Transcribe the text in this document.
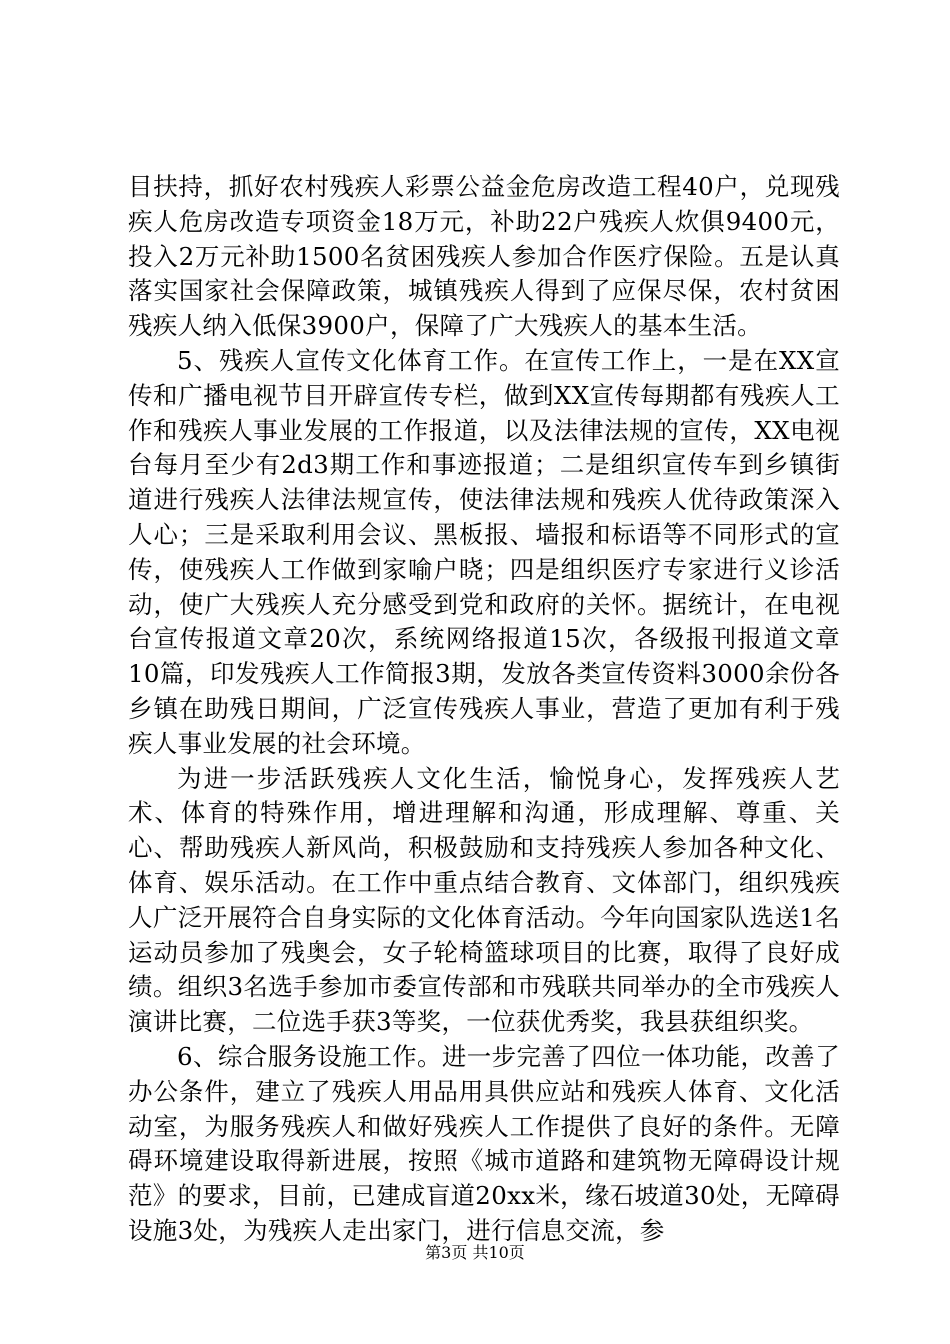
目扶持，抓好农村残疾人彩票公益金危房改造工程40户，兑现残疾人危房改造专项资金18万元，补助22户残疾人炊俱9400元，投入2万元补助1500名贫困残疾人参加合作医疗保险。五是认真落实国家社会保障政策，城镇残疾人得到了应保尽保，农村贫困残疾人纳入低保3900户，保障了广大残疾人的基本生活。

5、残疾人宣传文化体育工作。在宣传工作上，一是在XX宣传和广播电视节目开辟宣传专栏，做到XX宣传每期都有残疾人工作和残疾人事业发展的工作报道，以及法律法规的宣传，XX电视台每月至少有2d3期工作和事迹报道；二是组织宣传车到乡镇街道进行残疾人法律法规宣传，使法律法规和残疾人优待政策深入人心；三是采取利用会议、黑板报、墙报和标语等不同形式的宣传，使残疾人工作做到家喻户晓；四是组织医疗专家进行义诊活动，使广大残疾人充分感受到党和政府的关怀。据统计，在电视台宣传报道文章20次，系统网络报道15次，各级报刊报道文章10篇，印发残疾人工作简报3期，发放各类宣传资料3000余份各乡镇在助残日期间，广泛宣传残疾人事业，营造了更加有利于残疾人事业发展的社会环境。

为进一步活跃残疾人文化生活，愉悦身心，发挥残疾人艺术、体育的特殊作用，增进理解和沟通，形成理解、尊重、关心、帮助残疾人新风尚，积极鼓励和支持残疾人参加各种文化、体育、娱乐活动。在工作中重点结合教育、文体部门，组织残疾人广泛开展符合自身实际的文化体育活动。今年向国家队选送1名运动员参加了残奥会，女子轮椅篮球项目的比赛，取得了良好成绩。组织3名选手参加市委宣传部和市残联共同举办的全市残疾人演讲比赛，二位选手获3等奖，一位获优秀奖，我县获组织奖。

6、综合服务设施工作。进一步完善了四位一体功能，改善了办公条件，建立了残疾人用品用具供应站和残疾人体育、文化活动室，为服务残疾人和做好残疾人工作提供了良好的条件。无障碍环境建设取得新进展，按照《城市道路和建筑物无障碍设计规范》的要求，目前，已建成盲道20xx米，缘石坡道30处，无障碍设施3处，为残疾人走出家门，进行信息交流，参

第3页 共10页
